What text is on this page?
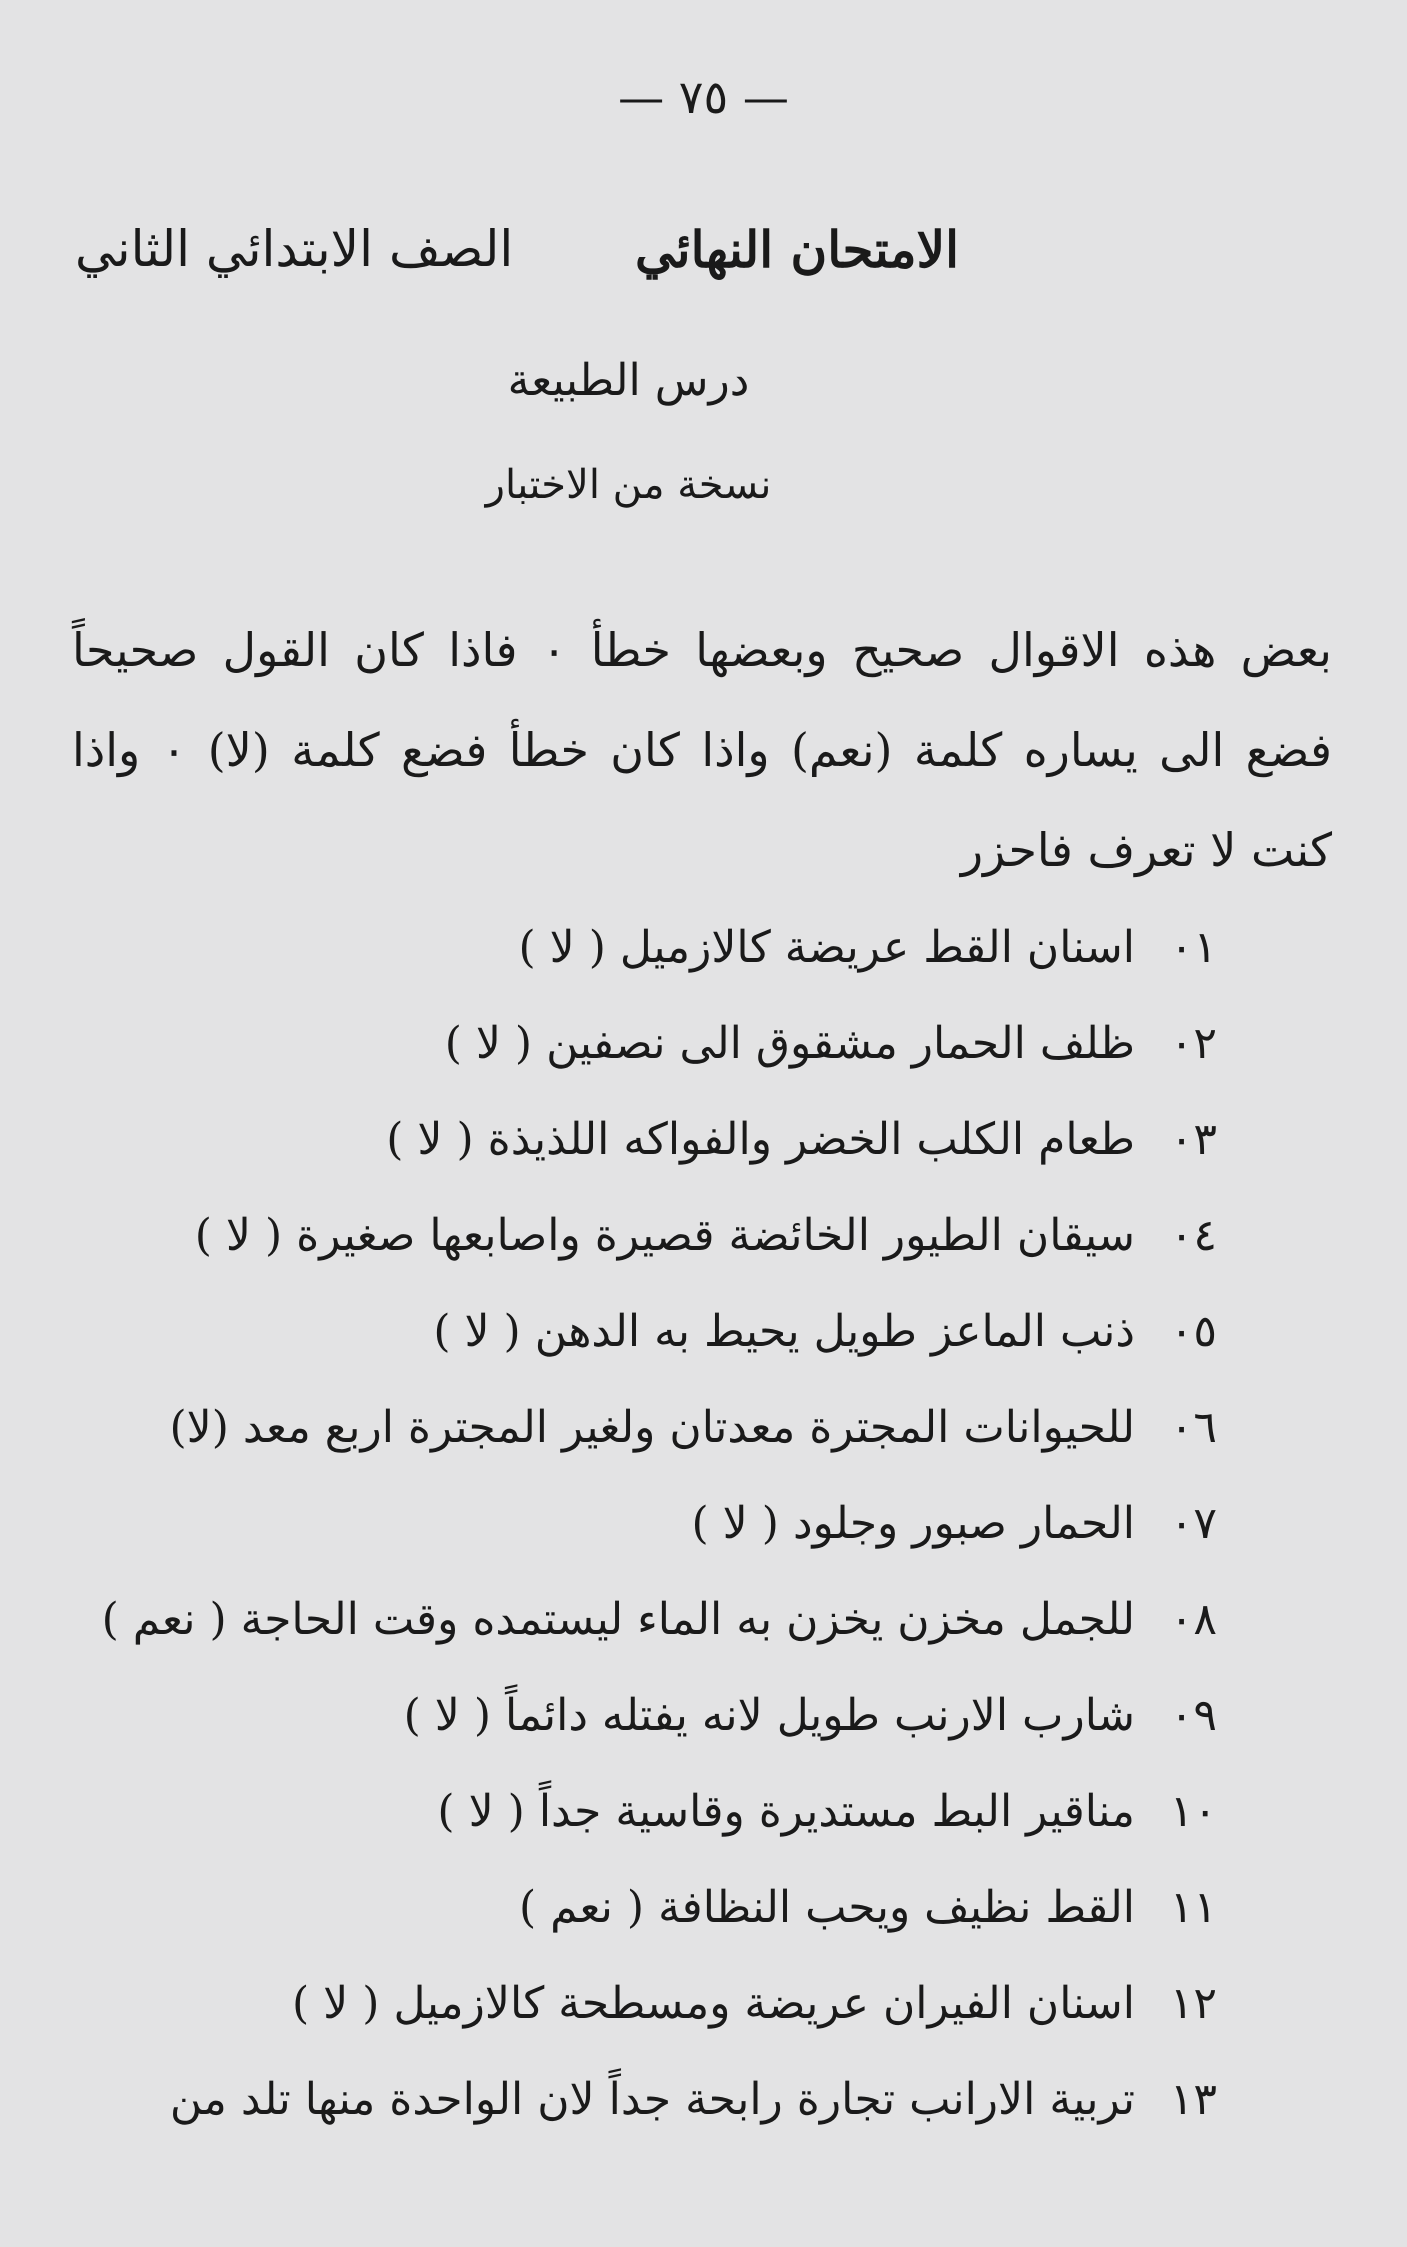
— ٧٥ —
الامتحان النهائي
الصف الابتدائي الثاني
درس الطبيعة
نسخة من الاختبار
بعض هذه الاقوال صحيح وبعضها خطأ ٠ فاذا كان القول صحيحاً فضع الى يساره كلمة (نعم) واذا كان خطأ فضع كلمة (لا) ٠ واذا كنت لا تعرف فاحزر
٠١اسنان القط عريضة كالازميل( لا )
٠٢ظلف الحمار مشقوق الى نصفين( لا )
٠٣طعام الكلب الخضر والفواكه اللذيذة( لا )
٠٤سيقان الطيور الخائضة قصيرة واصابعها صغيرة( لا )
٠٥ذنب الماعز طويل يحيط به الدهن( لا )
٠٦للحيوانات المجترة معدتان ولغير المجترة اربع معد(لا)
٠٧الحمار صبور وجلود( لا )
٠٨للجمل مخزن يخزن به الماء ليستمده وقت الحاجة( نعم )
٠٩شارب الارنب طويل لانه يفتله دائماً( لا )
١٠مناقير البط مستديرة وقاسية جداً( لا )
١١القط نظيف ويحب النظافة( نعم )
١٢اسنان الفيران عريضة ومسطحة كالازميل( لا )
١٣تربية الارانب تجارة رابحة جداً لان الواحدة منها تلد من
